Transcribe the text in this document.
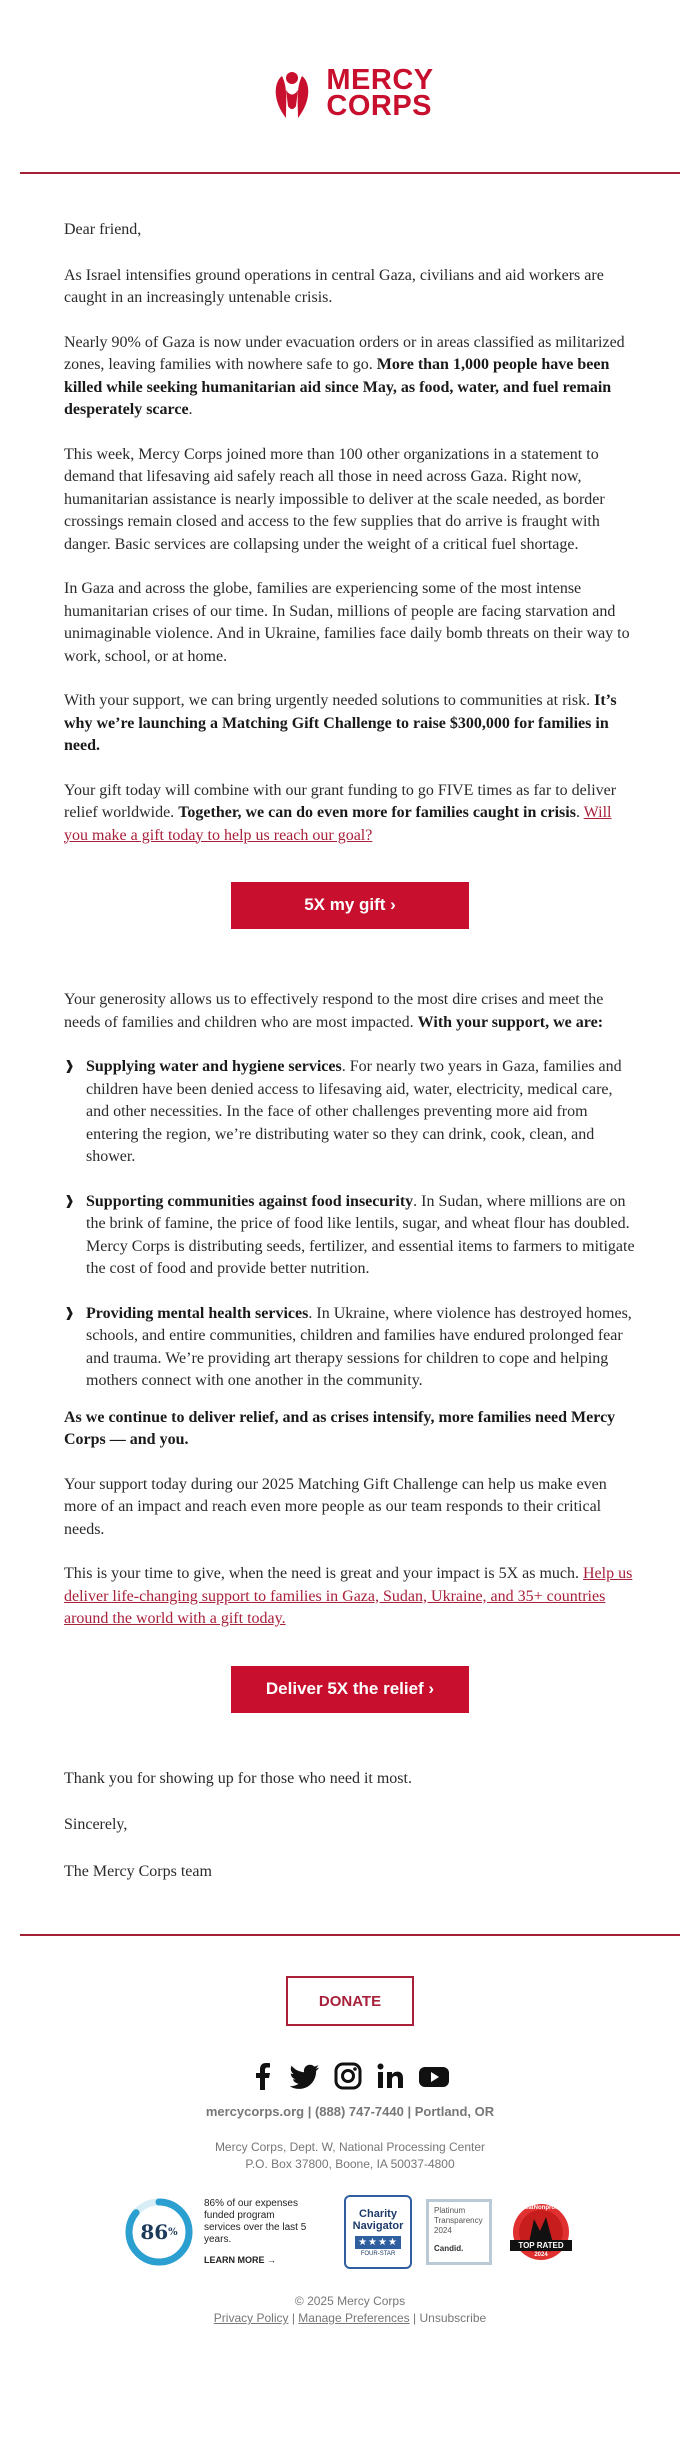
MERCY
CORPS

Dear friend,

As Israel intensifies ground operations in central Gaza, civilians and aid workers are caught in an increasingly untenable crisis.

Nearly 90% of Gaza is now under evacuation orders or in areas classified as militarized zones, leaving families with nowhere safe to go. More than 1,000 people have been killed while seeking humanitarian aid since May, as food, water, and fuel remain desperately scarce.

This week, Mercy Corps joined more than 100 other organizations in a statement to demand that lifesaving aid safely reach all those in need across Gaza. Right now, humanitarian assistance is nearly impossible to deliver at the scale needed, as border crossings remain closed and access to the few supplies that do arrive is fraught with danger. Basic services are collapsing under the weight of a critical fuel shortage.

In Gaza and across the globe, families are experiencing some of the most intense humanitarian crises of our time. In Sudan, millions of people are facing starvation and unimaginable violence. And in Ukraine, families face daily bomb threats on their way to work, school, or at home.

With your support, we can bring urgently needed solutions to communities at risk. It’s why we’re launching a Matching Gift Challenge to raise $300,000 for families in need.

Your gift today will combine with our grant funding to go FIVE times as far to deliver relief worldwide. Together, we can do even more for families caught in crisis. Will you make a gift today to help us reach our goal?

5X my gift ›

Your generosity allows us to effectively respond to the most dire crises and meet the needs of families and children who are most impacted. With your support, we are:

❱ Supplying water and hygiene services. For nearly two years in Gaza, families and children have been denied access to lifesaving aid, water, electricity, medical care, and other necessities. In the face of other challenges preventing more aid from entering the region, we’re distributing water so they can drink, cook, clean, and shower.
❱ Supporting communities against food insecurity. In Sudan, where millions are on the brink of famine, the price of food like lentils, sugar, and wheat flour has doubled. Mercy Corps is distributing seeds, fertilizer, and essential items to farmers to mitigate the cost of food and provide better nutrition.
❱ Providing mental health services. In Ukraine, where violence has destroyed homes, schools, and entire communities, children and families have endured prolonged fear and trauma. We’re providing art therapy sessions for children to cope and helping mothers connect with one another in the community.

As we continue to deliver relief, and as crises intensify, more families need Mercy Corps — and you.

Your support today during our 2025 Matching Gift Challenge can help us make even more of an impact and reach even more people as our team responds to their critical needs.

This is your time to give, when the need is great and your impact is 5X as much. Help us deliver life-changing support to families in Gaza, Sudan, Ukraine, and 35+ countries around the world with a gift today.

Deliver 5X the relief ›

Thank you for showing up for those who need it most.

Sincerely,

The Mercy Corps team

DONATE
mercycorps.org | (888) 747-7440 | Portland, OR
Mercy Corps, Dept. W, National Processing Center
P.O. Box 37800, Boone, IA 50037-4800
86 %
86% of our expenses funded program services over the last 5 years.
LEARN MORE →
Charity
Navigator
★★★★
FOUR-STAR
Platinum
Transparency
2024
Candid.
GreatNonprofits
TOP RATED
2024
© 2025 Mercy Corps
Privacy Policy | Manage Preferences | Unsubscribe
